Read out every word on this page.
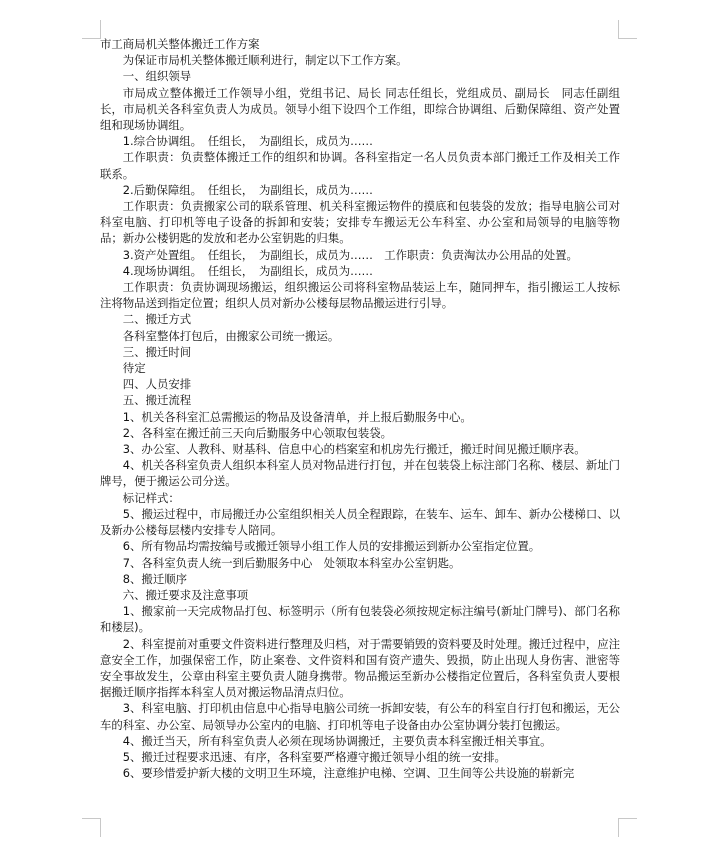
市工商局机关整体搬迁工作方案

为保证市局机关整体搬迁顺利进行，制定以下工作方案。

一、组织领导

市局成立整体搬迁工作领导小组，党组书记、局长 同志任组长，党组成员、副局长　同志任副组长，市局机关各科室负责人为成员。领导小组下设四个工作组，即综合协调组、后勤保障组、资产处置组和现场协调组。

1.综合协调组。　任组长，　为副组长，成员为……

工作职责：负责整体搬迁工作的组织和协调。各科室指定一名人员负责本部门搬迁工作及相关工作联系。

2.后勤保障组。　任组长，　为副组长，成员为……

工作职责：负责搬家公司的联系管理、机关科室搬运物件的摸底和包装袋的发放；指导电脑公司对科室电脑、打印机等电子设备的拆卸和安装；安排专车搬运无公车科室、办公室和局领导的电脑等物品；新办公楼钥匙的发放和老办公室钥匙的归集。

3.资产处置组。　任组长，　为副组长，成员为……　工作职责：负责淘汰办公用品的处置。

4.现场协调组。　任组长，　为副组长，成员为……

工作职责：负责协调现场搬运，组织搬运公司将科室物品装运上车，随同押车，指引搬运工人按标注将物品送到指定位置；组织人员对新办公楼每层物品搬运进行引导。

二、搬迁方式

各科室整体打包后，由搬家公司统一搬运。

三、搬迁时间

待定

四、人员安排

五、搬迁流程

1、机关各科室汇总需搬运的物品及设备清单，并上报后勤服务中心。

2、各科室在搬迁前三天向后勤服务中心领取包装袋。

3、办公室、人教科、财基科、信息中心的档案室和机房先行搬迁，搬迁时间见搬迁顺序表。

4、机关各科室负责人组织本科室人员对物品进行打包，并在包装袋上标注部门名称、楼层、新址门牌号，便于搬运公司分送。

标记样式：

5、搬运过程中，市局搬迁办公室组织相关人员全程跟踪，在装车、运车、卸车、新办公楼梯口、以及新办公楼每层楼内安排专人陪同。

6、所有物品均需按编号或搬迁领导小组工作人员的安排搬运到新办公室指定位置。

7、各科室负责人统一到后勤服务中心　处领取本科室办公室钥匙。

8、搬迁顺序

六、搬迁要求及注意事项

1、搬家前一天完成物品打包、标签明示（所有包装袋必须按规定标注编号(新址门牌号)、部门名称和楼层)。

2、科室提前对重要文件资料进行整理及归档，对于需要销毁的资料要及时处理。搬迁过程中，应注意安全工作，加强保密工作，防止案卷、文件资料和国有资产遗失、毁损，防止出现人身伤害、泄密等安全事故发生，公章由科室主要负责人随身携带。物品搬运至新办公楼指定位置后，各科室负责人要根据搬迁顺序指挥本科室人员对搬运物品清点归位。

3、科室电脑、打印机由信息中心指导电脑公司统一拆卸安装，有公车的科室自行打包和搬运，无公车的科室、办公室、局领导办公室内的电脑、打印机等电子设备由办公室协调分装打包搬运。

4、搬迁当天，所有科室负责人必须在现场协调搬迁，主要负责本科室搬迁相关事宜。

5、搬迁过程要求迅速、有序，各科室要严格遵守搬迁领导小组的统一安排。

6、要珍惜爱护新大楼的文明卫生环境，注意维护电梯、空调、卫生间等公共设施的崭新完
